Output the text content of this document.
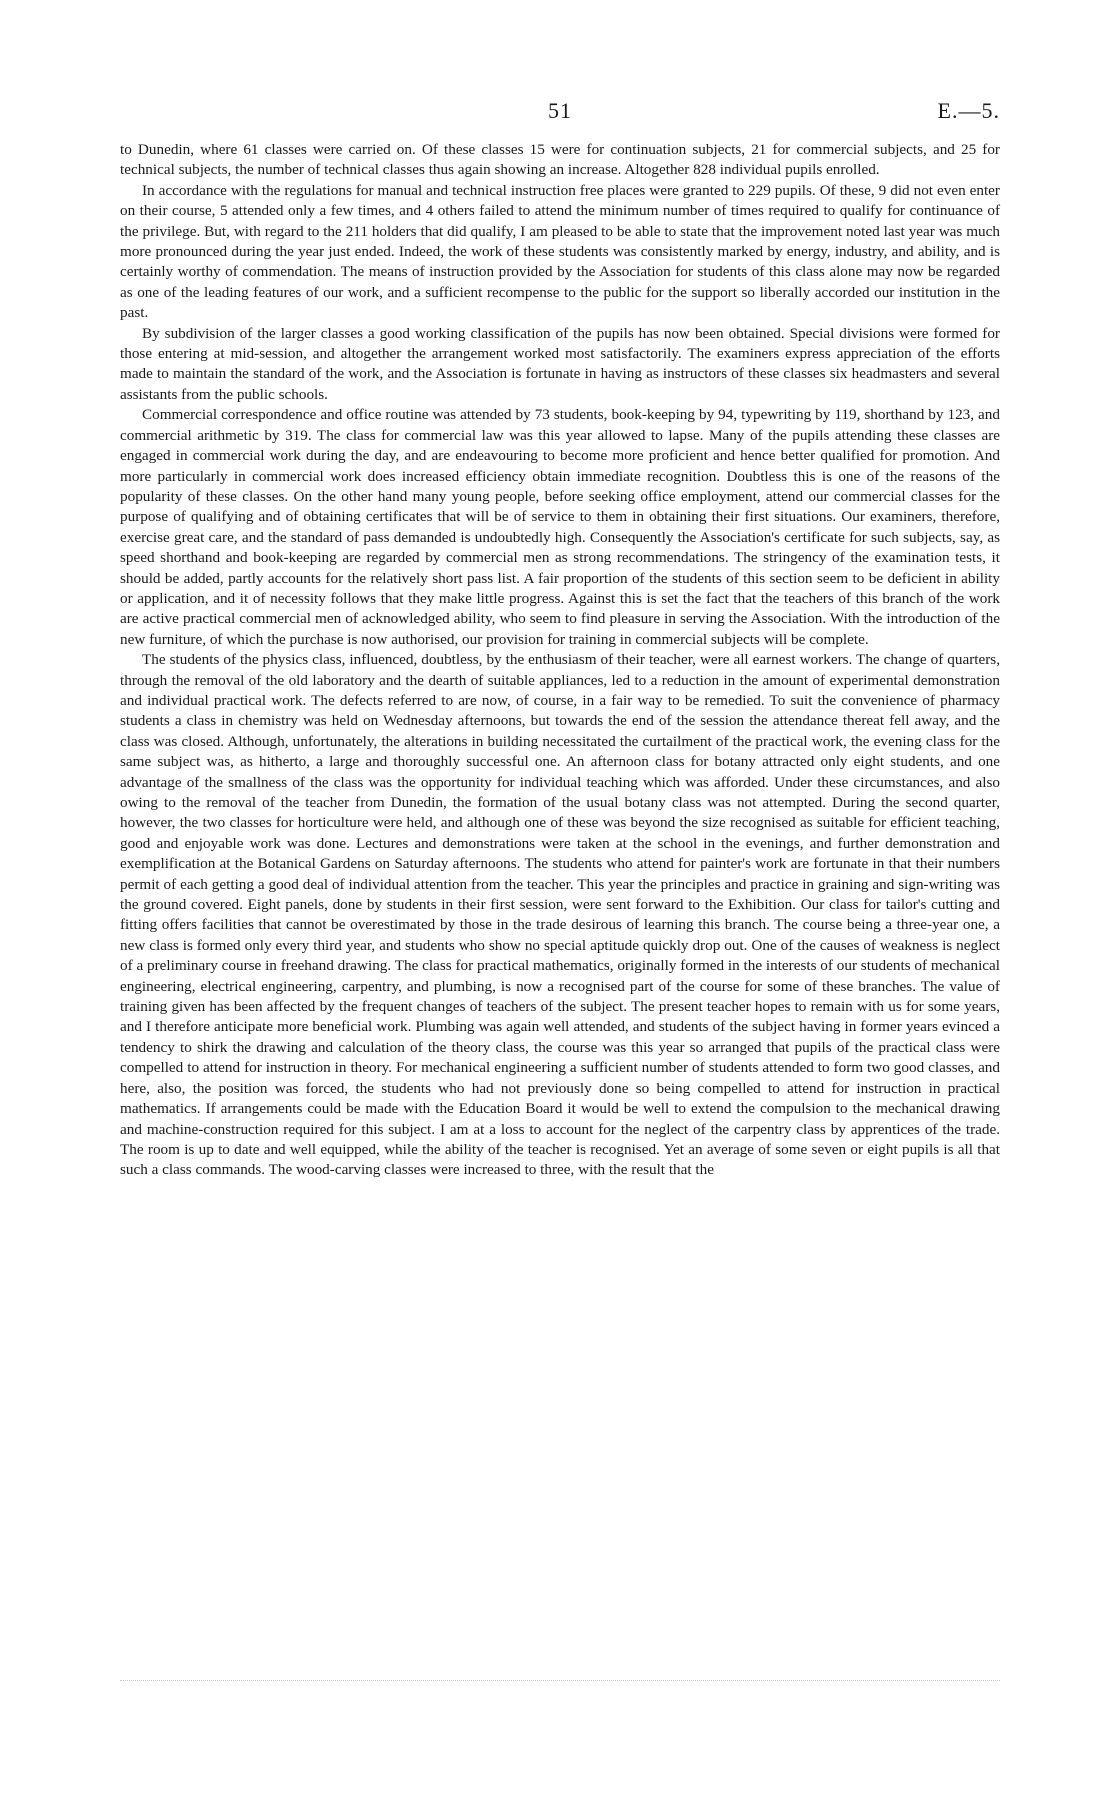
51	E.—5.

to Dunedin, where 61 classes were carried on. Of these classes 15 were for continuation subjects, 21 for commercial subjects, and 25 for technical subjects, the number of technical classes thus again showing an increase. Altogether 828 individual pupils enrolled.

In accordance with the regulations for manual and technical instruction free places were granted to 229 pupils. Of these, 9 did not even enter on their course, 5 attended only a few times, and 4 others failed to attend the minimum number of times required to qualify for continuance of the privilege. But, with regard to the 211 holders that did qualify, I am pleased to be able to state that the improvement noted last year was much more pronounced during the year just ended. Indeed, the work of these students was consistently marked by energy, industry, and ability, and is certainly worthy of commendation. The means of instruction provided by the Association for students of this class alone may now be regarded as one of the leading features of our work, and a sufficient recompense to the public for the support so liberally accorded our institution in the past.

By subdivision of the larger classes a good working classification of the pupils has now been obtained. Special divisions were formed for those entering at mid-session, and altogether the arrangement worked most satisfactorily. The examiners express appreciation of the efforts made to maintain the standard of the work, and the Association is fortunate in having as instructors of these classes six headmasters and several assistants from the public schools.

Commercial correspondence and office routine was attended by 73 students, book-keeping by 94, typewriting by 119, shorthand by 123, and commercial arithmetic by 319. The class for commercial law was this year allowed to lapse. Many of the pupils attending these classes are engaged in commercial work during the day, and are endeavouring to become more proficient and hence better qualified for promotion. And more particularly in commercial work does increased efficiency obtain immediate recognition. Doubtless this is one of the reasons of the popularity of these classes. On the other hand many young people, before seeking office employment, attend our commercial classes for the purpose of qualifying and of obtaining certificates that will be of service to them in obtaining their first situations. Our examiners, therefore, exercise great care, and the standard of pass demanded is undoubtedly high. Consequently the Association's certificate for such subjects, say, as speed shorthand and book-keeping are regarded by commercial men as strong recommendations. The stringency of the examination tests, it should be added, partly accounts for the relatively short pass list. A fair proportion of the students of this section seem to be deficient in ability or application, and it of necessity follows that they make little progress. Against this is set the fact that the teachers of this branch of the work are active practical commercial men of acknowledged ability, who seem to find pleasure in serving the Association. With the introduction of the new furniture, of which the purchase is now authorised, our provision for training in commercial subjects will be complete.

The students of the physics class, influenced, doubtless, by the enthusiasm of their teacher, were all earnest workers. The change of quarters, through the removal of the old laboratory and the dearth of suitable appliances, led to a reduction in the amount of experimental demonstration and individual practical work. The defects referred to are now, of course, in a fair way to be remedied. To suit the convenience of pharmacy students a class in chemistry was held on Wednesday afternoons, but towards the end of the session the attendance thereat fell away, and the class was closed. Although, unfortunately, the alterations in building necessitated the curtailment of the practical work, the evening class for the same subject was, as hitherto, a large and thoroughly successful one. An afternoon class for botany attracted only eight students, and one advantage of the smallness of the class was the opportunity for individual teaching which was afforded. Under these circumstances, and also owing to the removal of the teacher from Dunedin, the formation of the usual botany class was not attempted. During the second quarter, however, the two classes for horticulture were held, and although one of these was beyond the size recognised as suitable for efficient teaching, good and enjoyable work was done. Lectures and demonstrations were taken at the school in the evenings, and further demonstration and exemplification at the Botanical Gardens on Saturday afternoons. The students who attend for painter's work are fortunate in that their numbers permit of each getting a good deal of individual attention from the teacher. This year the principles and practice in graining and sign-writing was the ground covered. Eight panels, done by students in their first session, were sent forward to the Exhibition. Our class for tailor's cutting and fitting offers facilities that cannot be overestimated by those in the trade desirous of learning this branch. The course being a three-year one, a new class is formed only every third year, and students who show no special aptitude quickly drop out. One of the causes of weakness is neglect of a preliminary course in freehand drawing. The class for practical mathematics, originally formed in the interests of our students of mechanical engineering, electrical engineering, carpentry, and plumbing, is now a recognised part of the course for some of these branches. The value of training given has been affected by the frequent changes of teachers of the subject. The present teacher hopes to remain with us for some years, and I therefore anticipate more beneficial work. Plumbing was again well attended, and students of the subject having in former years evinced a tendency to shirk the drawing and calculation of the theory class, the course was this year so arranged that pupils of the practical class were compelled to attend for instruction in theory. For mechanical engineering a sufficient number of students attended to form two good classes, and here, also, the position was forced, the students who had not previously done so being compelled to attend for instruction in practical mathematics. If arrangements could be made with the Education Board it would be well to extend the compulsion to the mechanical drawing and machine-construction required for this subject. I am at a loss to account for the neglect of the carpentry class by apprentices of the trade. The room is up to date and well equipped, while the ability of the teacher is recognised. Yet an average of some seven or eight pupils is all that such a class commands. The wood-carving classes were increased to three, with the result that the
